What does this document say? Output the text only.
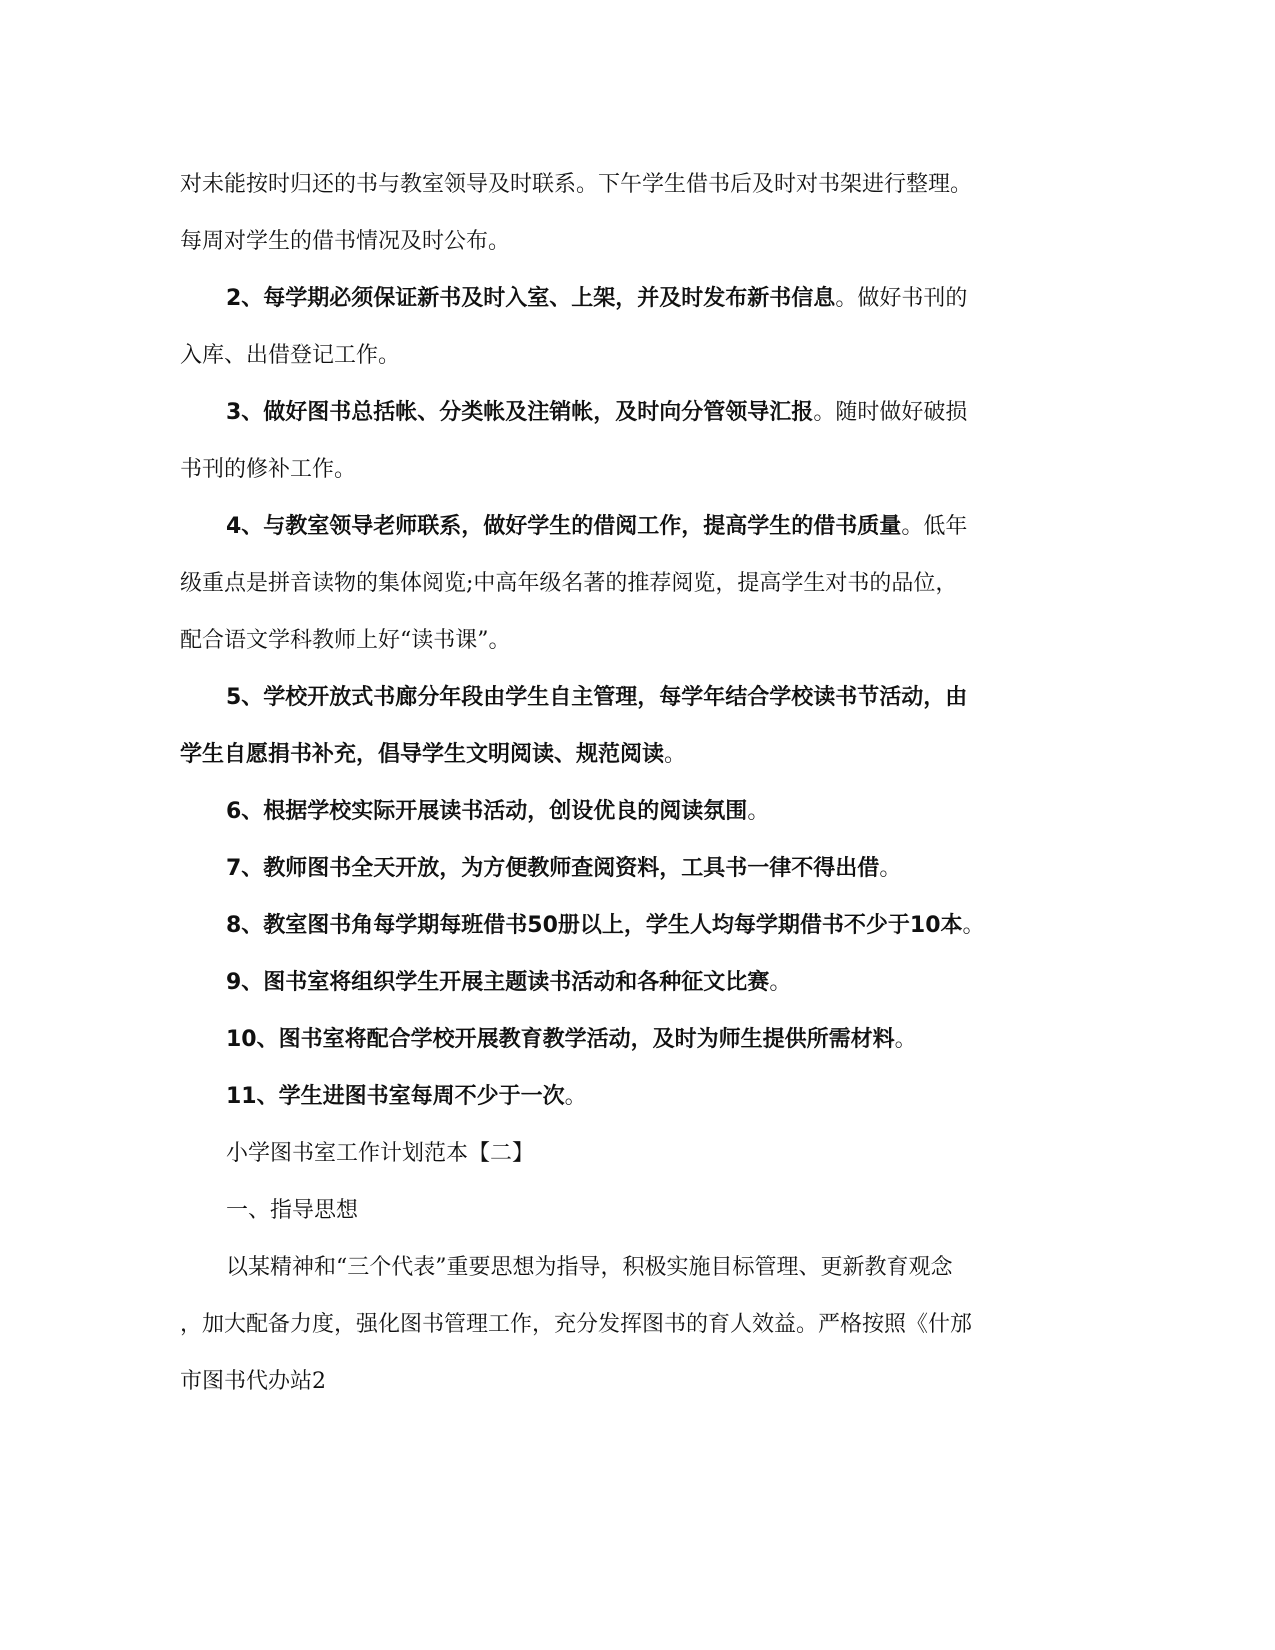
对未能按时归还的书与教室领导及时联系。下午学生借书后及时对书架进行整理。
每周对学生的借书情况及时公布。
2、每学期必须保证新书及时入室、上架，并及时发布新书信息。做好书刊的
入库、出借登记工作。
3、做好图书总括帐、分类帐及注销帐，及时向分管领导汇报。随时做好破损
书刊的修补工作。
4、与教室领导老师联系，做好学生的借阅工作，提高学生的借书质量。低年
级重点是拼音读物的集体阅览;中高年级名著的推荐阅览，提高学生对书的品位，
配合语文学科教师上好“读书课”。
5、学校开放式书廊分年段由学生自主管理，每学年结合学校读书节活动，由
学生自愿捐书补充，倡导学生文明阅读、规范阅读。
6、根据学校实际开展读书活动，创设优良的阅读氛围。
7、教师图书全天开放，为方便教师查阅资料，工具书一律不得出借。
8、教室图书角每学期每班借书50册以上，学生人均每学期借书不少于10本。
9、图书室将组织学生开展主题读书活动和各种征文比赛。
10、图书室将配合学校开展教育教学活动，及时为师生提供所需材料。
11、学生进图书室每周不少于一次。
小学图书室工作计划范本【二】
一、指导思想
以某精神和“三个代表”重要思想为指导，积极实施目标管理、更新教育观念
，加大配备力度，强化图书管理工作，充分发挥图书的育人效益。严格按照《什邡
市图书代办站2
